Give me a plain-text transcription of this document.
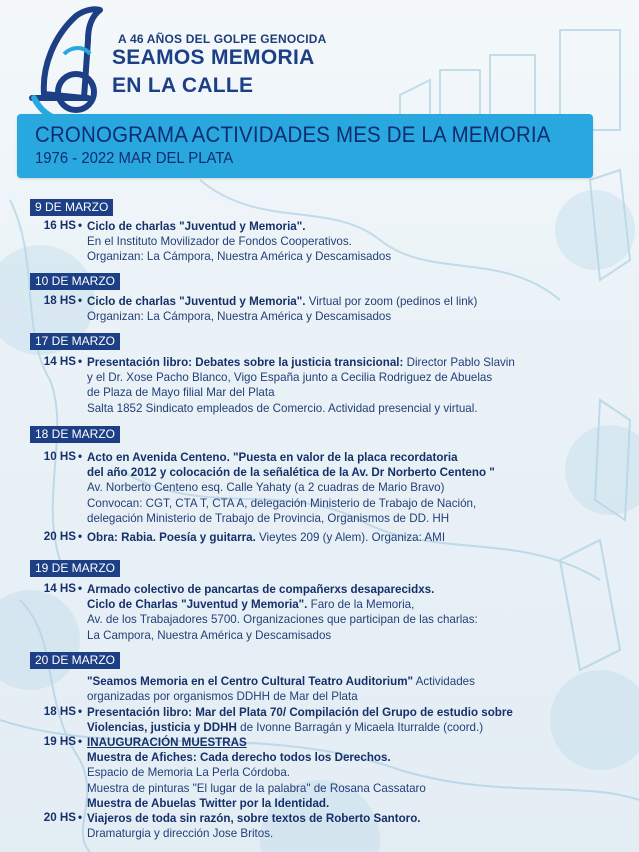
A 46 AÑOS DEL GOLPE GENOCIDA
SEAMOS MEMORIA
EN LA CALLE
CRONOGRAMA ACTIVIDADES MES DE LA MEMORIA
1976 - 2022 MAR DEL PLATA
9 DE MARZO
16 HS • Ciclo de charlas "Juventud y Memoria".
En el Instituto Movilizador de Fondos Cooperativos.
Organizan: La Cámpora, Nuestra América y Descamisados
10 DE MARZO
18 HS • Ciclo de charlas "Juventud y Memoria". Virtual por zoom (pedinos el link)
Organizan: La Cámpora, Nuestra América y Descamisados
17 DE MARZO
14 HS • Presentación libro: Debates sobre la justicia transicional: Director Pablo Slavin
y el Dr. Xose Pacho Blanco, Vigo España junto a Cecilia Rodriguez de Abuelas
de Plaza de Mayo filial Mar del Plata
Salta 1852 Sindicato empleados de Comercio. Actividad presencial y virtual.
18 DE MARZO
10 HS • Acto en Avenida Centeno. "Puesta en valor de la placa recordatoria
del año 2012 y colocación de la señalética de la Av. Dr Norberto Centeno "
Av. Norberto Centeno esq. Calle Yahaty (a 2 cuadras de Mario Bravo)
Convocan: CGT, CTA T, CTA A, delegación Ministerio de Trabajo de Nación,
delegación Ministerio de Trabajo de Provincia, Organismos de DD. HH
20 HS • Obra: Rabia. Poesía y guitarra. Vieytes 209 (y Alem). Organiza: AMI
19 DE MARZO
14 HS • Armado colectivo de pancartas de compañerxs desaparecidxs.
Ciclo de Charlas "Juventud y Memoria". Faro de la Memoria,
Av. de los Trabajadores 5700. Organizaciones que participan de las charlas:
La Campora, Nuestra América y Descamisados
20 DE MARZO
"Seamos Memoria en el Centro Cultural Teatro Auditorium" Actividades
organizadas por organismos DDHH de Mar del Plata
18 HS • Presentación libro: Mar del Plata 70/ Compilación del Grupo de estudio sobre
Violencias, justicia y DDHH de Ivonne Barragán y Micaela Iturralde (coord.)
19 HS • INAUGURACIÓN MUESTRAS
Muestra de Afiches: Cada derecho todos los Derechos.
Espacio de Memoria La Perla Córdoba.
Muestra de pinturas "El lugar de la palabra" de Rosana Cassataro
Muestra de Abuelas Twitter por la Identidad.
20 HS • Viajeros de toda sin razón, sobre textos de Roberto Santoro.
Dramaturgia y dirección Jose Britos.
